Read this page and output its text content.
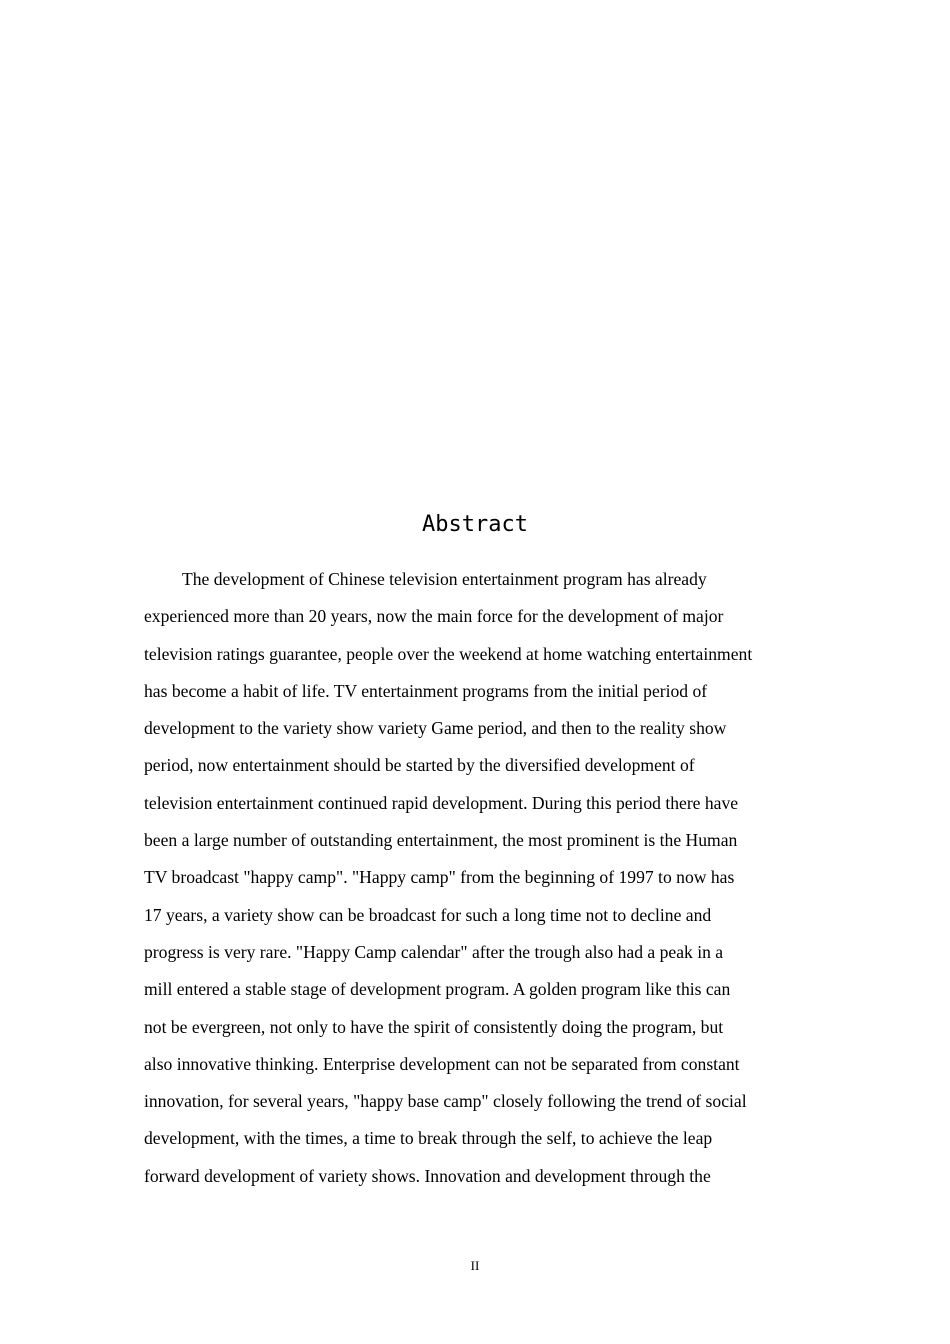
Abstract
The development of Chinese television entertainment program has already
experienced more than 20 years, now the main force for the development of major
television ratings guarantee, people over the weekend at home watching entertainment
has become a habit of life. TV entertainment programs from the initial period of
development to the variety show variety Game period, and then to the reality show
period, now entertainment should be started by the diversified development of
television entertainment continued rapid development. During this period there have
been a large number of outstanding entertainment, the most prominent is the Human
TV broadcast "happy camp". "Happy camp" from the beginning of 1997 to now has
17 years, a variety show can be broadcast for such a long time not to decline and
progress is very rare. "Happy Camp calendar" after the trough also had a peak in a
mill entered a stable stage of development program. A golden program like this can
not be evergreen, not only to have the spirit of consistently doing the program, but
also innovative thinking. Enterprise development can not be separated from constant
innovation, for several years, "happy base camp" closely following the trend of social
development, with the times, a time to break through the self, to achieve the leap
forward development of variety shows. Innovation and development through the
II
